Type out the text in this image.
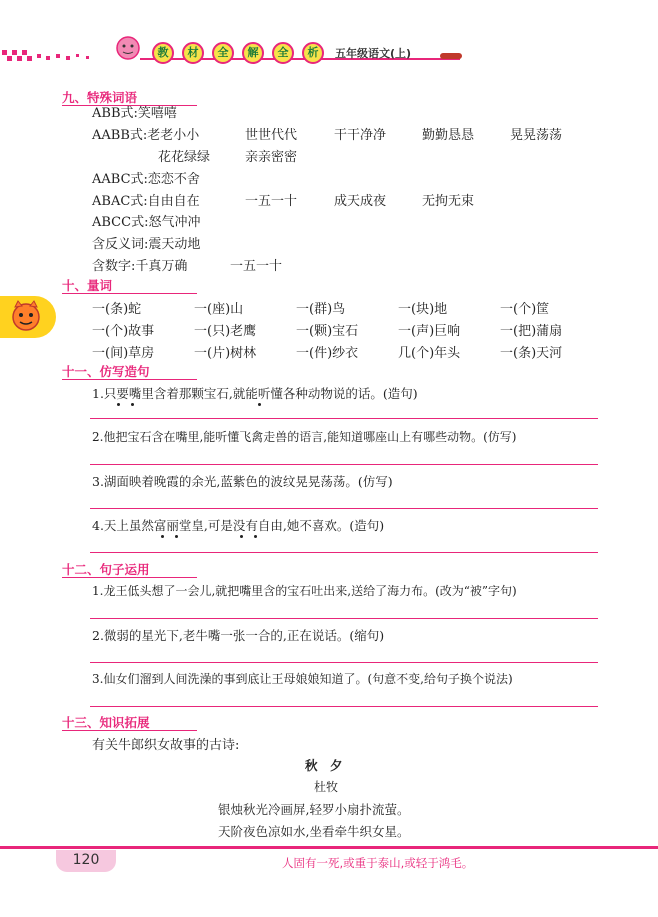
教	材	全	解	全	析	五年级语文(上)
九、特殊词语
ABB式:笑嘻嘻
AABB式:老老小小	世世代代	干干净净	勤勤恳恳	晃晃荡荡
花花绿绿	亲亲密密
AABC式:恋恋不舍
ABAC式:自由自在	一五一十	成天成夜	无拘无束
ABCC式:怒气冲冲
含反义词:震天动地
含数字:千真万确	一五一十
十、量词
一(条)蛇	一(座)山	一(群)鸟	一(块)地	一(个)筐
一(个)故事	一(只)老鹰	一(颗)宝石	一(声)巨响	一(把)蒲扇
一(间)草房	一(片)树林	一(件)纱衣	几(个)年头	一(条)天河
十一、仿写造句
1.只要嘴里含着那颗宝石,就能听懂各种动物说的话。(造句)
2.他把宝石含在嘴里,能听懂飞禽走兽的语言,能知道哪座山上有哪些动物。(仿写)
3.湖面映着晚霞的余光,蓝紫色的波纹晃晃荡荡。(仿写)
4.天上虽然富丽堂皇,可是没有自由,她不喜欢。(造句)
十二、句子运用
1.龙王低头想了一会儿,就把嘴里含的宝石吐出来,送给了海力布。(改为“被”字句)
2.微弱的星光下,老牛嘴一张一合的,正在说话。(缩句)
3.仙女们溜到人间洗澡的事到底让王母娘娘知道了。(句意不变,给句子换个说法)
十三、知识拓展
有关牛郎织女故事的古诗:
秋　夕
杜牧
银烛秋光冷画屏,轻罗小扇扑流萤。
天阶夜色凉如水,坐看牵牛织女星。
120	人固有一死,或重于泰山,或轻于鸿毛。
